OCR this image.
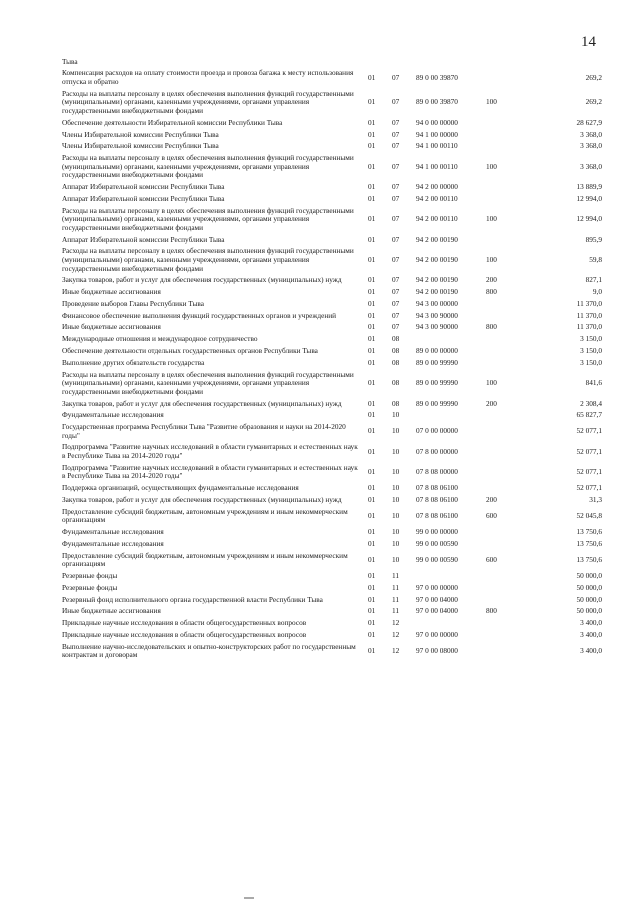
14
Тыва					
Компенсация расходов на оплату стоимости проезда и провоза багажа к месту использования отпуска и обратно	01	07	89 0 00 39870		269,2
Расходы на выплаты персоналу в целях обеспечения выполнения функций государственными (муниципальными) органами, казенными учреждениями, органами управления государственными внебюджетными фондами	01	07	89 0 00 39870	100	269,2
Обеспечение деятельности Избирательной комиссии Республики Тыва	01	07	94 0 00 00000		28 627,9
Члены Избирательной комиссии Республики Тыва	01	07	94 1 00 00000		3 368,0
Члены Избирательной комиссии Республики Тыва	01	07	94 1 00 00110		3 368,0
Расходы на выплаты персоналу в целях обеспечения выполнения функций государственными (муниципальными) органами, казенными учреждениями, органами управления государственными внебюджетными фондами	01	07	94 1 00 00110	100	3 368,0
Аппарат Избирательной комиссии Республики Тыва	01	07	94 2 00 00000		13 889,9
Аппарат Избирательной комиссии Республики Тыва	01	07	94 2 00 00110		12 994,0
Расходы на выплаты персоналу в целях обеспечения выполнения функций государственными (муниципальными) органами, казенными учреждениями, органами управления государственными внебюджетными фондами	01	07	94 2 00 00110	100	12 994,0
Аппарат Избирательной комиссии Республики Тыва	01	07	94 2 00 00190		895,9
Расходы на выплаты персоналу в целях обеспечения выполнения функций государственными (муниципальными) органами, казенными учреждениями, органами управления государственными внебюджетными фондами	01	07	94 2 00 00190	100	59,8
Закупка товаров, работ и услуг для обеспечения государственных (муниципальных) нужд	01	07	94 2 00 00190	200	827,1
Иные бюджетные ассигнования	01	07	94 2 00 00190	800	9,0
Проведение выборов Главы Республики Тыва	01	07	94 3 00 00000		11 370,0
Финансовое обеспечение выполнения функций государственных органов и учреждений	01	07	94 3 00 90000		11 370,0
Иные бюджетные ассигнования	01	07	94 3 00 90000	800	11 370,0
Международные отношения и международное сотрудничество	01	08			3 150,0
Обеспечение деятельности отдельных государственных органов Республики Тыва	01	08	89 0 00 00000		3 150,0
Выполнение других обязательств государства	01	08	89 0 00 99990		3 150,0
Расходы на выплаты персоналу в целях обеспечения выполнения функций государственными (муниципальными) органами, казенными учреждениями, органами управления государственными внебюджетными фондами	01	08	89 0 00 99990	100	841,6
Закупка товаров, работ и услуг для обеспечения государственных (муниципальных) нужд	01	08	89 0 00 99990	200	2 308,4
Фундаментальные исследования	01	10			65 827,7
Государственная программа Республики Тыва "Развитие образования и науки на 2014-2020 годы"	01	10	07 0 00 00000		52 077,1
Подпрограмма "Развитие научных исследований в области гуманитарных и естественных наук в Республике Тыва на 2014-2020 годы"	01	10	07 8 00 00000		52 077,1
Подпрограмма "Развитие научных исследований в области гуманитарных и естественных наук в Республике Тыва на 2014-2020 годы"	01	10	07 8 08 00000		52 077,1
Поддержка организаций, осуществляющих фундаментальные исследования	01	10	07 8 08 06100		52 077,1
Закупка товаров, работ и услуг для обеспечения государственных (муниципальных) нужд	01	10	07 8 08 06100	200	31,3
Предоставление субсидий бюджетным, автономным учреждениям и иным некоммерческим организациям	01	10	07 8 08 06100	600	52 045,8
Фундаментальные исследования	01	10	99 0 00 00000		13 750,6
Фундаментальные исследования	01	10	99 0 00 00590		13 750,6
Предоставление субсидий бюджетным, автономным учреждениям и иным некоммерческим организациям	01	10	99 0 00 00590	600	13 750,6
Резервные фонды	01	11			50 000,0
Резервные фонды	01	11	97 0 00 00000		50 000,0
Резервный фонд исполнительного органа государственной власти Республики Тыва	01	11	97 0 00 04000		50 000,0
Иные бюджетные ассигнования	01	11	97 0 00 04000	800	50 000,0
Прикладные научные исследования в области общегосударственных вопросов	01	12			3 400,0
Прикладные научные исследования в области общегосударственных вопросов	01	12	97 0 00 00000		3 400,0
Выполнение научно-исследовательских и опытно-конструкторских работ по государственным контрактам и договорам	01	12	97 0 00 08000		3 400,0
